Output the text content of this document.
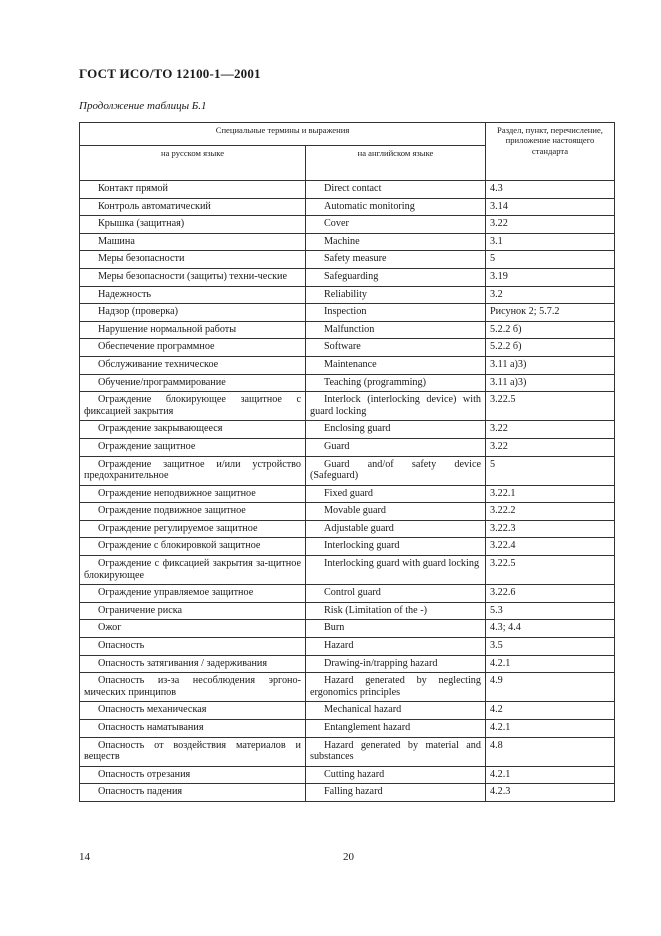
ГОСТ ИСО/ТО 12100-1—2001
Продолжение таблицы Б.1
Специальные термины и выражения		Раздел, пункт, перечисление, приложение настоящего стандарта
на русском языке	на английском языке	
Контакт прямой	Direct contact	4.3
Контроль автоматический	Automatic monitoring	3.14
Крышка (защитная)	Cover	3.22
Машина	Machine	3.1
Меры безопасности	Safety measure	5
Меры безопасности (защиты) техни-ческие	Safeguarding	3.19
Надежность	Reliability	3.2
Надзор (проверка)	Inspection	Рисунок 2; 5.7.2
Нарушение нормальной работы	Malfunction	5.2.2 б)
Обеспечение программное	Software	5.2.2 б)
Обслуживание техническое	Maintenance	3.11 а)3)
Обучение/программирование	Teaching (programming)	3.11 а)3)
Ограждение блокирующее защитное с фиксацией закрытия	Interlock (interlocking device) with guard locking	3.22.5
Ограждение закрывающееся	Enclosing guard	3.22
Ограждение защитное	Guard	3.22
Ограждение защитное и/или устройство предохранительное	Guard and/of safety device (Safeguard)	5
Ограждение неподвижное защитное	Fixed guard	3.22.1
Ограждение подвижное защитное	Movable guard	3.22.2
Ограждение регулируемое защитное	Adjustable guard	3.22.3
Ограждение с блокировкой защитное	Interlocking guard	3.22.4
Ограждение с фиксацией закрытия за-щитное блокирующее	Interlocking guard with guard locking	3.22.5
Ограждение управляемое защитное	Control guard	3.22.6
Ограничение риска	Risk (Limitation of the -)	5.3
Ожог	Burn	4.3; 4.4
Опасность	Hazard	3.5
Опасность затягивания / задерживания	Drawing-in/trapping hazard	4.2.1
Опасность из-за несоблюдения эргоно-мических принципов	Hazard generated by neglecting ergonomics principles	4.9
Опасность механическая	Mechanical hazard	4.2
Опасность наматывания	Entanglement hazard	4.2.1
Опасность от воздействия материалов и веществ	Hazard generated by material and substances	4.8
Опасность отрезания	Cutting hazard	4.2.1
Опасность падения	Falling hazard	4.2.3
14	20
